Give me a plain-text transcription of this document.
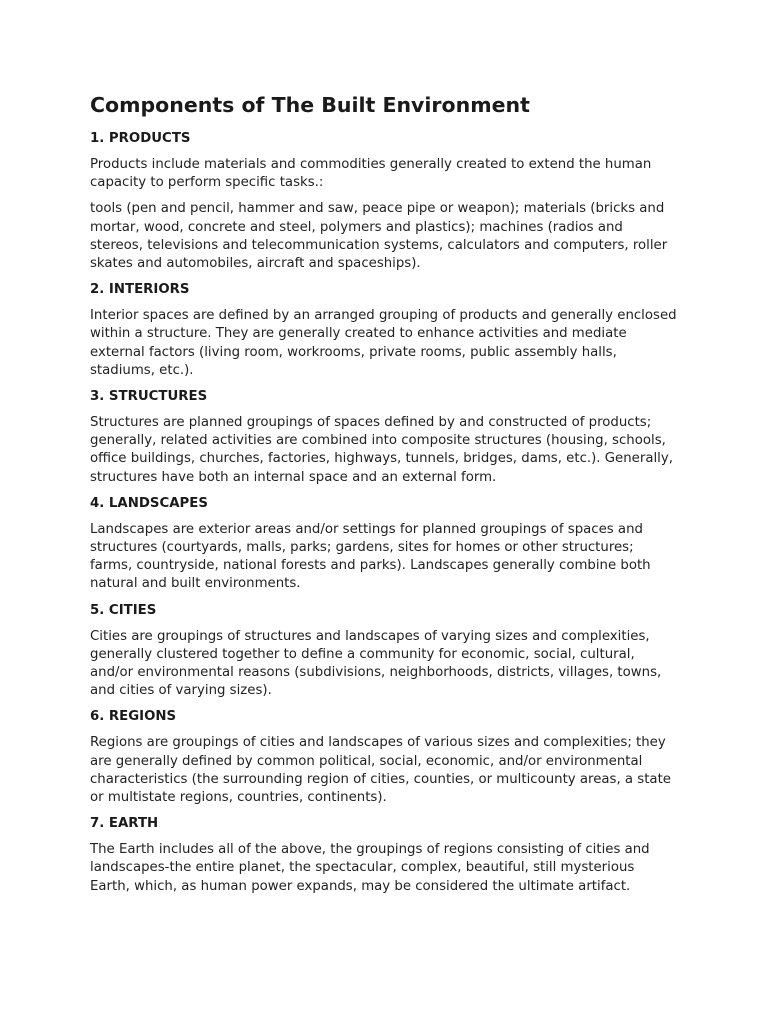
Components of The Built Environment
1. PRODUCTS

Products include materials and commodities generally created to extend the human capacity to perform specific tasks.:

tools (pen and pencil, hammer and saw, peace pipe or weapon); materials (bricks and mortar, wood, concrete and steel, polymers and plastics); machines (radios and stereos, televisions and telecommunication systems, calculators and computers, roller skates and automobiles, aircraft and spaceships).

2. INTERIORS

Interior spaces are defined by an arranged grouping of products and generally enclosed within a structure. They are generally created to enhance activities and mediate external factors (living room, workrooms, private rooms, public assembly halls, stadiums, etc.).

3. STRUCTURES

Structures are planned groupings of spaces defined by and constructed of products; generally, related activities are combined into composite structures (housing, schools, office buildings, churches, factories, highways, tunnels, bridges, dams, etc.). Generally, structures have both an internal space and an external form.

4. LANDSCAPES

Landscapes are exterior areas and/or settings for planned groupings of spaces and structures (courtyards, malls, parks; gardens, sites for homes or other structures; farms, countryside, national forests and parks). Landscapes generally combine both natural and built environments.

5. CITIES

Cities are groupings of structures and landscapes of varying sizes and complexities, generally clustered together to define a community for economic, social, cultural, and/or environmental reasons (subdivisions, neighborhoods, districts, villages, towns, and cities of varying sizes).

6. REGIONS

Regions are groupings of cities and landscapes of various sizes and complexities; they are generally defined by common political, social, economic, and/or environmental characteristics (the surrounding region of cities, counties, or multicounty areas, a state or multistate regions, countries, continents).

7. EARTH

The Earth includes all of the above, the groupings of regions consisting of cities and landscapes-the entire planet, the spectacular, complex, beautiful, still mysterious Earth, which, as human power expands, may be considered the ultimate artifact.
